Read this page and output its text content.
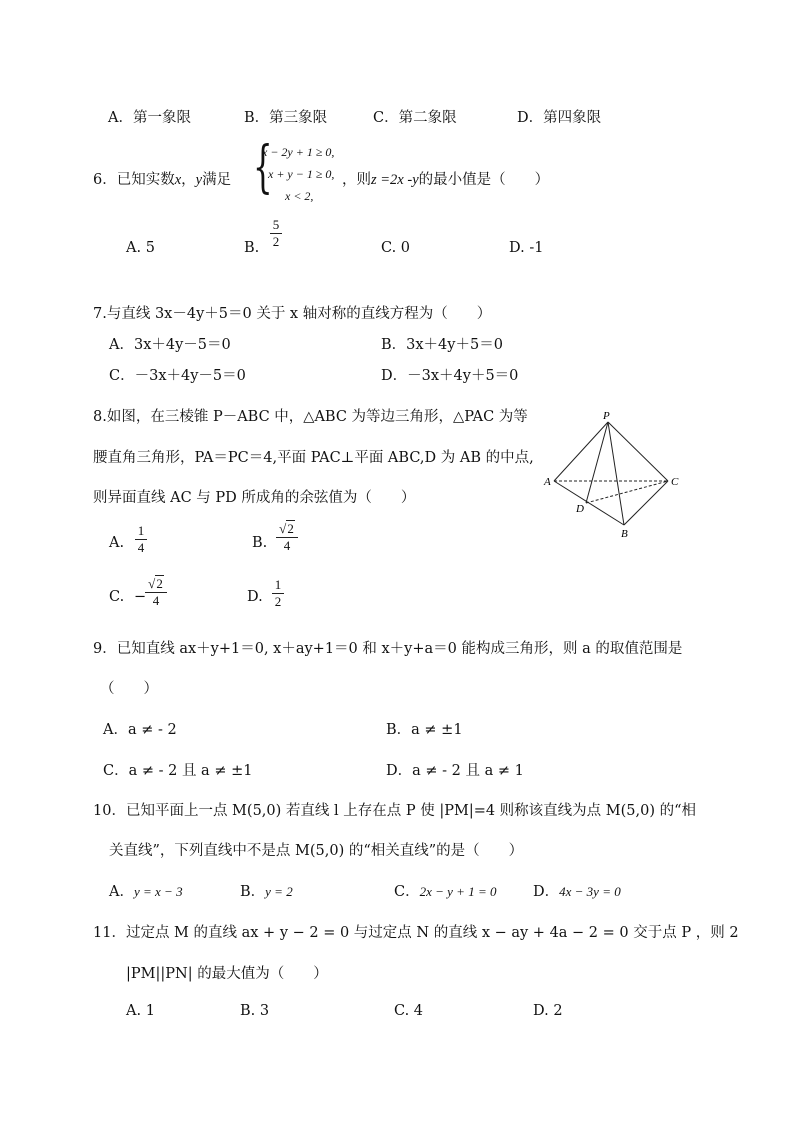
A．第一象限	B．第三象限	C．第二象限	D．第四象限
6．已知实数x，y满足 {
x − 2y + 1 ≥ 0,
x + y − 1 ≥ 0,
x < 2,
，则z =2x -y的最小值是（　　）
A. 5	B.
5
2	C. 0	D. -1
7.与直线 3x－4y＋5＝0 关于 x 轴对称的直线方程为（　　）
A．3x＋4y－5＝0	B．3x＋4y＋5＝0
C．－3x＋4y－5＝0	D．－3x＋4y＋5＝0
8.如图，在三棱锥 P－ABC 中，△ABC 为等边三角形，△PAC 为等
腰直角三角形，PA＝PC＝4,平面 PAC⊥平面 ABC,D 为 AB 的中点,
则异面直线 AC 与 PD 所成角的余弦值为（　　）
P
A	C
D
B
A.
1
4	B.
√2
4
C. −
√2
4	D.
1
2
9．已知直线 ax＋y+1＝0, x＋ay+1＝0 和 x＋y+a＝0 能构成三角形，则 a 的取值范围是
（　　）
A．a ≠ - 2	B．a ≠ ±1
C．a ≠ - 2 且 a ≠ ±1	D．a ≠ - 2 且 a ≠ 1
10．已知平面上一点 M(5,0) 若直线 l 上存在点 P 使 |PM|=4 则称该直线为点 M(5,0) 的“相
关直线”，下列直线中不是点 M(5,0) 的“相关直线”的是（　　）
A．y = x − 3	B．y = 2	C．2x − y + 1 = 0	D．4x − 3y = 0
11．过定点 M 的直线 ax + y − 2 = 0 与过定点 N 的直线 x − ay + 4a − 2 = 0 交于点 P ，则 2
|PM||PN| 的最大值为（　　）
A. 1	B. 3	C. 4	D. 2
